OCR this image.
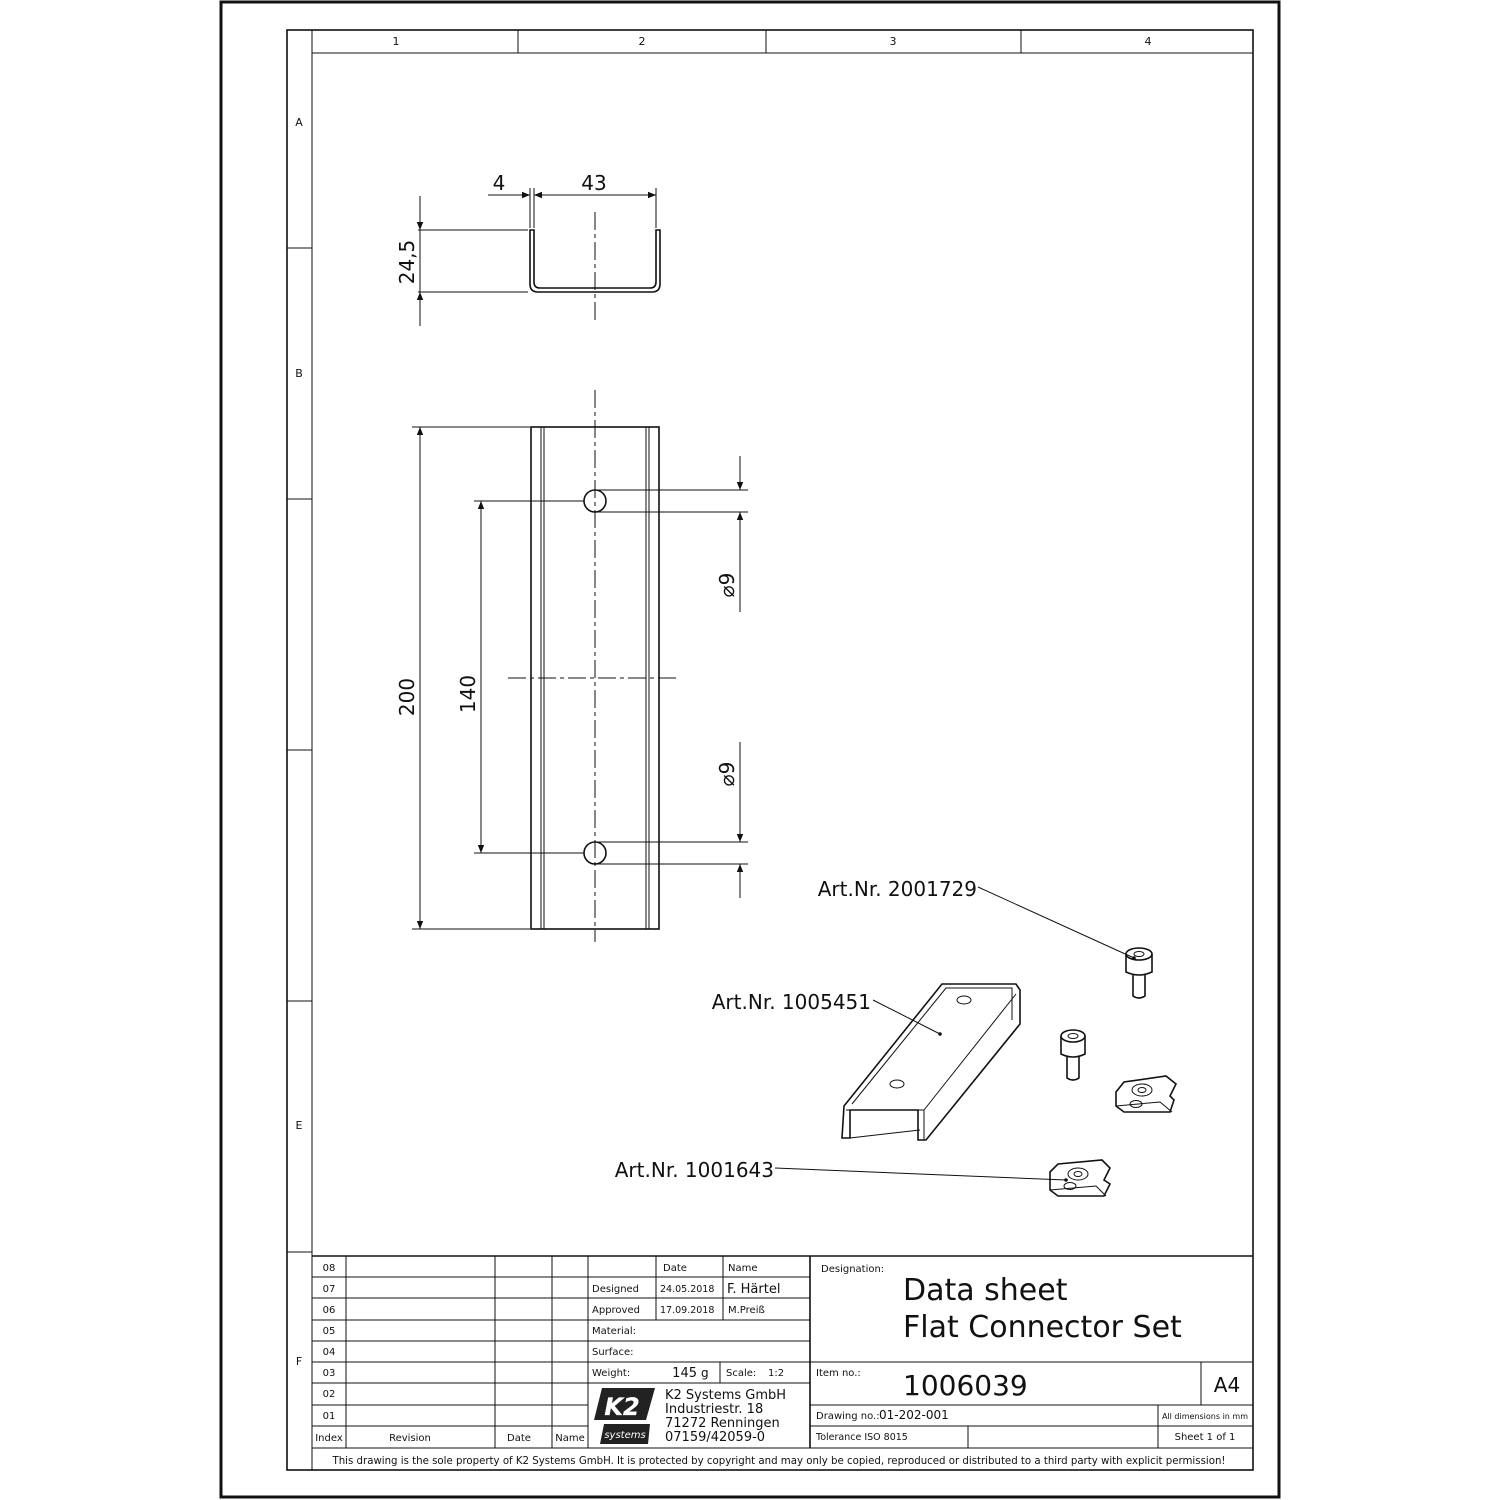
1	2	3	4
A
B
E
F
4	43
24,5
200 140
⌀9
⌀9
Art.Nr. 2001729
Art.Nr. 1005451
Art.Nr. 1001643
08
07
06
05
04
03
02
01
Index	Revision	Date Name
Date	Name
Designed 24.05.2018 F. Härtel
Approved 17.09.2018 M.Preiß
Material:
Surface:
Weight:	145 g Scale: 1:2
K2
systems
K2 Systems GmbH
Industriestr. 18
71272 Renningen
07159/42059-0
Designation:
Data sheet
Flat Connector Set
Item no.: 1006039	A4
Drawing no.: 01-202-001	All dimensions in mm
Tolerance ISO 8015	Sheet 1 of 1
This drawing is the sole property of K2 Systems GmbH. It is protected by copyright and may only be copied, reproduced or distributed to a third party with explicit permission!
